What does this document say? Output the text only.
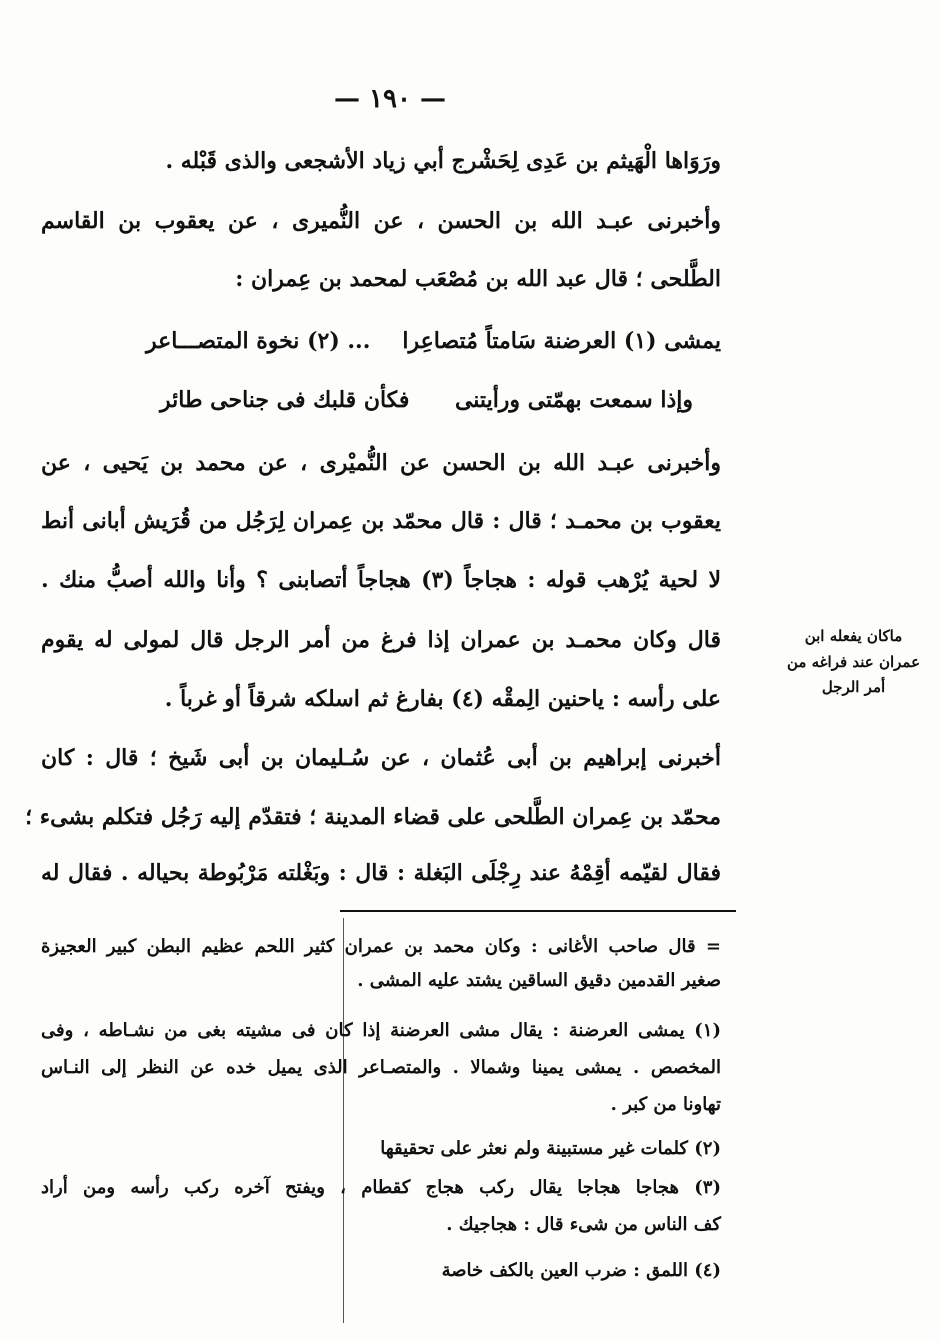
— ١٩٠ —
ورَوَاها الْهَيثم بن عَدِى لِحَشْرج أبي زياد الأشجعى والذى قَبْله .
وأخبرنى عبـد الله بن الحسن ، عن النُّميرى ، عن يعقوب بن القاسم
الطَّلحى ؛ قال عبد الله بن مُصْعَب لمحمد بن عِمران :
يمشى (١) العرضنة سَامتاً مُتصاعِرا
... (٢) نخوة المتصـــاعر
وإذا سمعت بهمّتى ورأيتنى
فكأن قلبك فى جناحى طائر
وأخبرنى عبـد الله بن الحسن عن النُّميْرى ، عن محمد بن يَحيى ، عن
يعقوب بن محمـد ؛ قال : قال محمّد بن عِمران لِرَجُل من قُرَيش أبانى أنط
لا لحية يُرْهب قوله : هجاجاً (٣) هجاجاً أتصابنى ؟ وأنا والله أصبُّ منك .
قال وكان محمـد بن عمران إذا فرغ من أمر الرجل قال لمولى له يقوم
على رأسه : ياحنين الِمقْه (٤) بفارغ ثم اسلكه شرقاً أو غرباً .
أخبرنى إبراهيم بن أبى عُثمان ، عن سُـليمان بن أبى شَيخ ؛ قال : كان
محمّد بن عِمران الطَّلحى على قضاء المدينة ؛ فتقدّم إليه رَجُل فتكلم بشىء ؛
فقال لقيّمه أقِمْهُ عند رِجْلَى البَغلة : قال : وبَغْلته مَرْبُوطة بحياله . فقال له
ماكان يفعله ابن عمران عند فراغه من أمر الرجل
= قال صاحب الأغانى : وكان محمد بن عمران كثير اللحم عظيم البطن كبير العجيزة
صغير القدمين دقيق الساقين يشتد عليه المشى .
(١) يمشى العرضنة : يقال مشى العرضنة إذا كان فى مشيته بغى من نشـاطه ، وفى
المخصص . يمشى يمينا وشمالا . والمتصـاعر الذى يميل خده عن النظر إلى النـاس
تهاونا من كبر .
(٢) كلمات غير مستبينة ولم نعثر على تحقيقها
(٣) هجاجا هجاجا يقال ركب هجاج كقطام ، ويفتح آخره ركب رأسه ومن أراد
كف الناس من شىء قال : هجاجيك .
(٤) اللمق : ضرب العين بالكف خاصة
